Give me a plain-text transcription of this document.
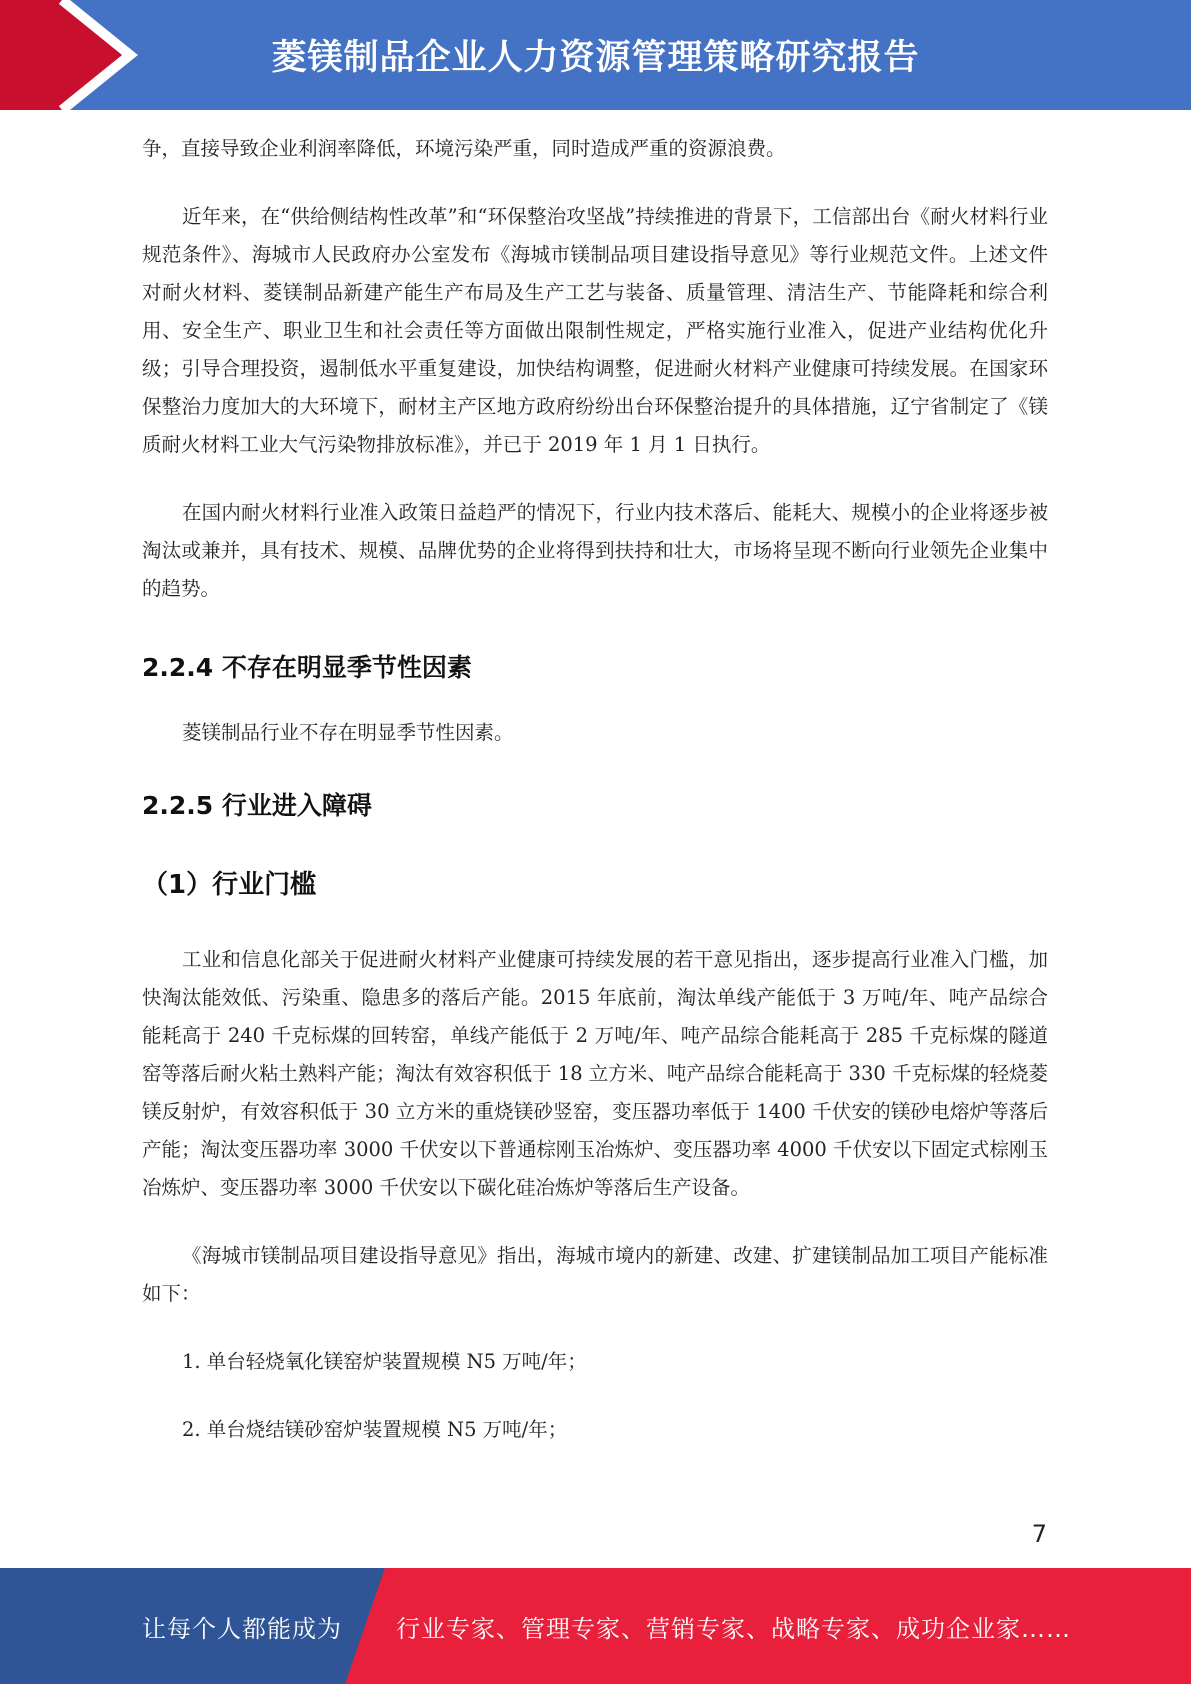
菱镁制品企业人力资源管理策略研究报告

争，直接导致企业利润率降低，环境污染严重，同时造成严重的资源浪费。

近年来，在“供给侧结构性改革”和“环保整治攻坚战”持续推进的背景下，工信部出台《耐火材料行业规范条件》、海城市人民政府办公室发布《海城市镁制品项目建设指导意见》等行业规范文件。上述文件对耐火材料、菱镁制品新建产能生产布局及生产工艺与装备、质量管理、清洁生产、节能降耗和综合利用、安全生产、职业卫生和社会责任等方面做出限制性规定，严格实施行业准入，促进产业结构优化升级；引导合理投资，遏制低水平重复建设，加快结构调整，促进耐火材料产业健康可持续发展。在国家环保整治力度加大的大环境下，耐材主产区地方政府纷纷出台环保整治提升的具体措施，辽宁省制定了《镁质耐火材料工业大气污染物排放标准》，并已于 2019 年 1 月 1 日执行。

在国内耐火材料行业准入政策日益趋严的情况下，行业内技术落后、能耗大、规模小的企业将逐步被淘汰或兼并，具有技术、规模、品牌优势的企业将得到扶持和壮大，市场将呈现不断向行业领先企业集中的趋势。

2.2.4 不存在明显季节性因素

菱镁制品行业不存在明显季节性因素。

2.2.5 行业进入障碍
（1）行业门槛

工业和信息化部关于促进耐火材料产业健康可持续发展的若干意见指出，逐步提高行业准入门槛，加快淘汰能效低、污染重、隐患多的落后产能。2015 年底前，淘汰单线产能低于 3 万吨/年、吨产品综合能耗高于 240 千克标煤的回转窑，单线产能低于 2 万吨/年、吨产品综合能耗高于 285 千克标煤的隧道窑等落后耐火粘土熟料产能；淘汰有效容积低于 18 立方米、吨产品综合能耗高于 330 千克标煤的轻烧菱镁反射炉，有效容积低于 30 立方米的重烧镁砂竖窑，变压器功率低于 1400 千伏安的镁砂电熔炉等落后产能；淘汰变压器功率 3000 千伏安以下普通棕刚玉冶炼炉、变压器功率 4000 千伏安以下固定式棕刚玉冶炼炉、变压器功率 3000 千伏安以下碳化硅冶炼炉等落后生产设备。

《海城市镁制品项目建设指导意见》指出，海城市境内的新建、改建、扩建镁制品加工项目产能标准如下：

1. 单台轻烧氧化镁窑炉装置规模 N5 万吨/年；

2. 单台烧结镁砂窑炉装置规模 N5 万吨/年；

7
让每个人都能成为 行业专家、管理专家、营销专家、战略专家、成功企业家……
